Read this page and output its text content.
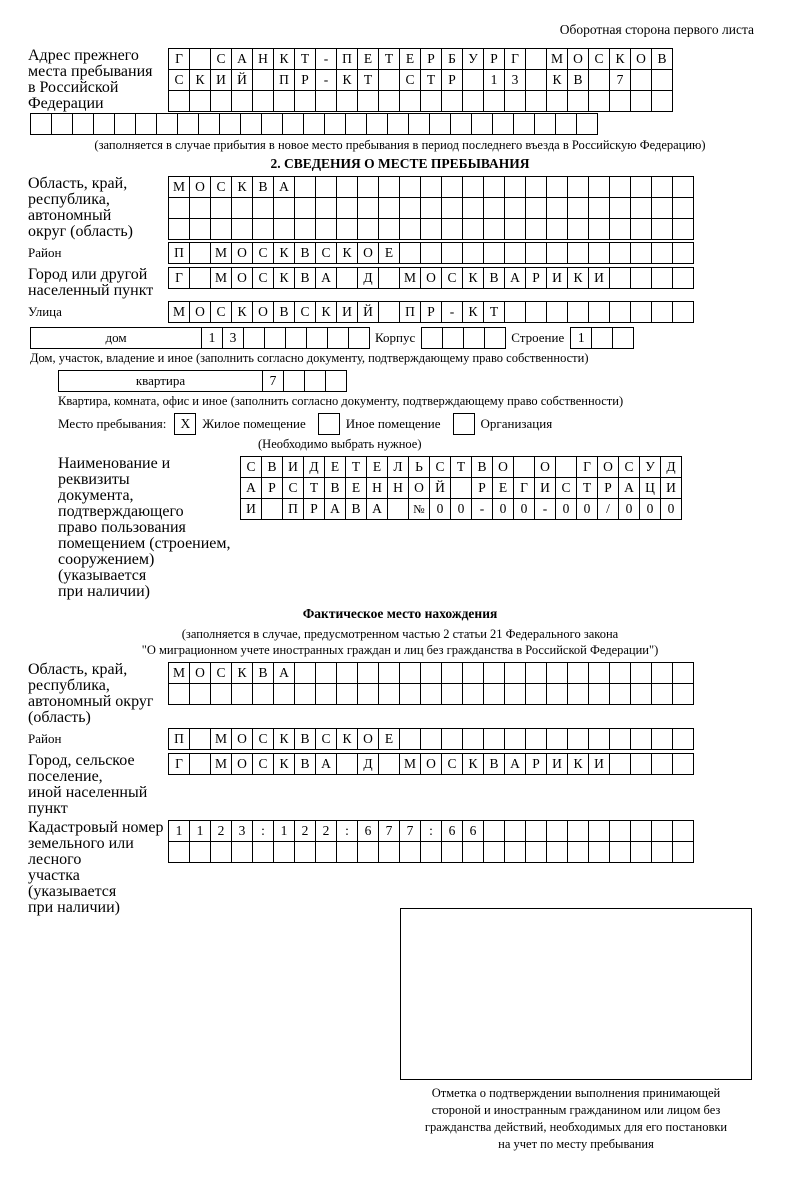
Оборотная сторона первого листа
Адрес прежнего
места пребывания
в Российской
Федерации
Г	С А Н К Т	-	П Е Т Е Р Б У Р Г	М О С К О В
С К И Й	П Р	-	К Т	С Т Р	1	3	К В	7
(заполняется в случае прибытия в новое место пребывания в период последнего въезда в Российскую Федерацию)
2. СВЕДЕНИЯ О МЕСТЕ ПРЕБЫВАНИЯ
Область, край,
республика,
автономный
округ (область)
М О С К В А
Район	П	М О С К В С К О Е
Город или другой
населенный пункт
Г	М О С К В А	Д	М О С К В А Р И К И
Улица	М О С К О В С К И Й	П Р	-	К Т
дом	1	3	Корпус	Строение	1
Дом, участок, владение и иное (заполнить согласно документу, подтверждающему право собственности)
квартира	7
Квартира, комната, офис и иное (заполнить согласно документу, подтверждающему право собственности)
Место пребывания:	X Жилое помещение	Иное помещение	Организация
(Необходимо выбрать нужное)
Наименование и реквизиты
документа, подтверждающего
право пользования
помещением (строением,
сооружением) (указывается
при наличии)
С В И Д Е Т Е Л Ь С Т В О	О	Г О С У Д
А Р С Т В Е Н Н О Й	Р Е Г И С Т Р А Ц И
И	П Р А В А	№ 0	0	-	0	0	-	0	0	/	0	0	0
Фактическое место нахождения
(заполняется в случае, предусмотренном частью 2 статьи 21 Федерального закона
"О миграционном учете иностранных граждан и лиц без гражданства в Российской Федерации")
Область, край,
республика,
автономный округ
(область)
М О С К В А
Район	П	М О С К В С К О Е
Город, сельское поселение,
иной населенный пункт
Г	М О С К В А	Д	М О С К В А Р И К И
Кадастровый номер
земельного или лесного
участка (указывается
при наличии)
1	1	2	3	:	1	2	2	:	6	7	7	:	6	6
Отметка о подтверждении выполнения принимающей
стороной и иностранным гражданином или лицом без
гражданства действий, необходимых для его постановки
на учет по месту пребывания
